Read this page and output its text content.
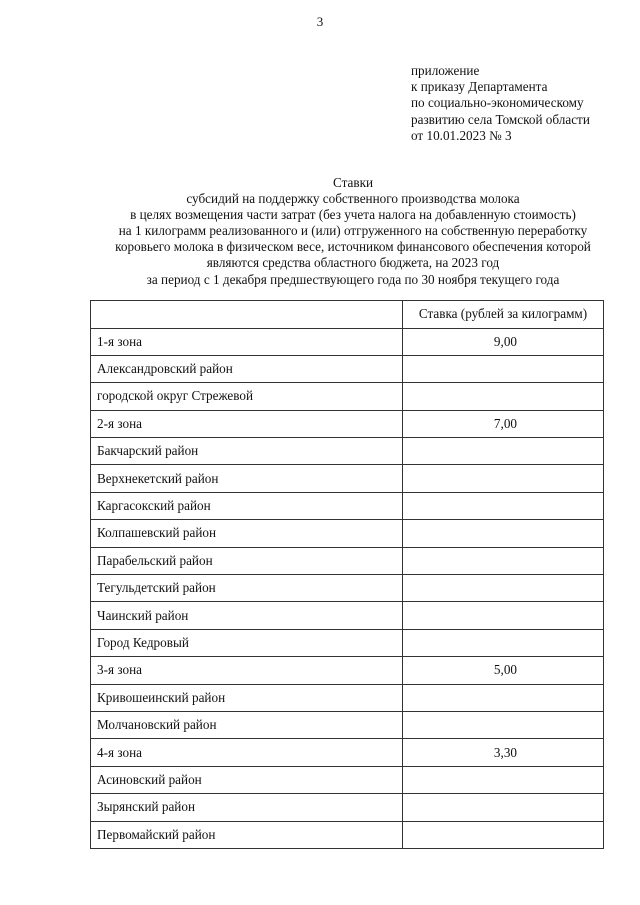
3
приложение
к приказу Департамента
по социально-экономическому
развитию села Томской области
от 10.01.2023 № 3
Ставки
субсидий на поддержку собственного производства молока
в целях возмещения части затрат (без учета налога на добавленную стоимость)
на 1 килограмм реализованного и (или) отгруженного на собственную переработку
коровьего молока в физическом весе, источником финансового обеспечения которой
являются средства областного бюджета, на 2023 год
за период с 1 декабря предшествующего года по 30 ноября текущего года
	Ставка (рублей за килограмм)
1-я зона	9,00
Александровский район	
городской округ Стрежевой	
2-я зона	7,00
Бакчарский район	
Верхнекетский район	
Каргасокский район	
Колпашевский район	
Парабельский район	
Тегульдетский район	
Чаинский район	
Город Кедровый	
3-я зона	5,00
Кривошеинский район	
Молчановский район	
4-я зона	3,30
Асиновский район	
Зырянский район	
Первомайский район	
